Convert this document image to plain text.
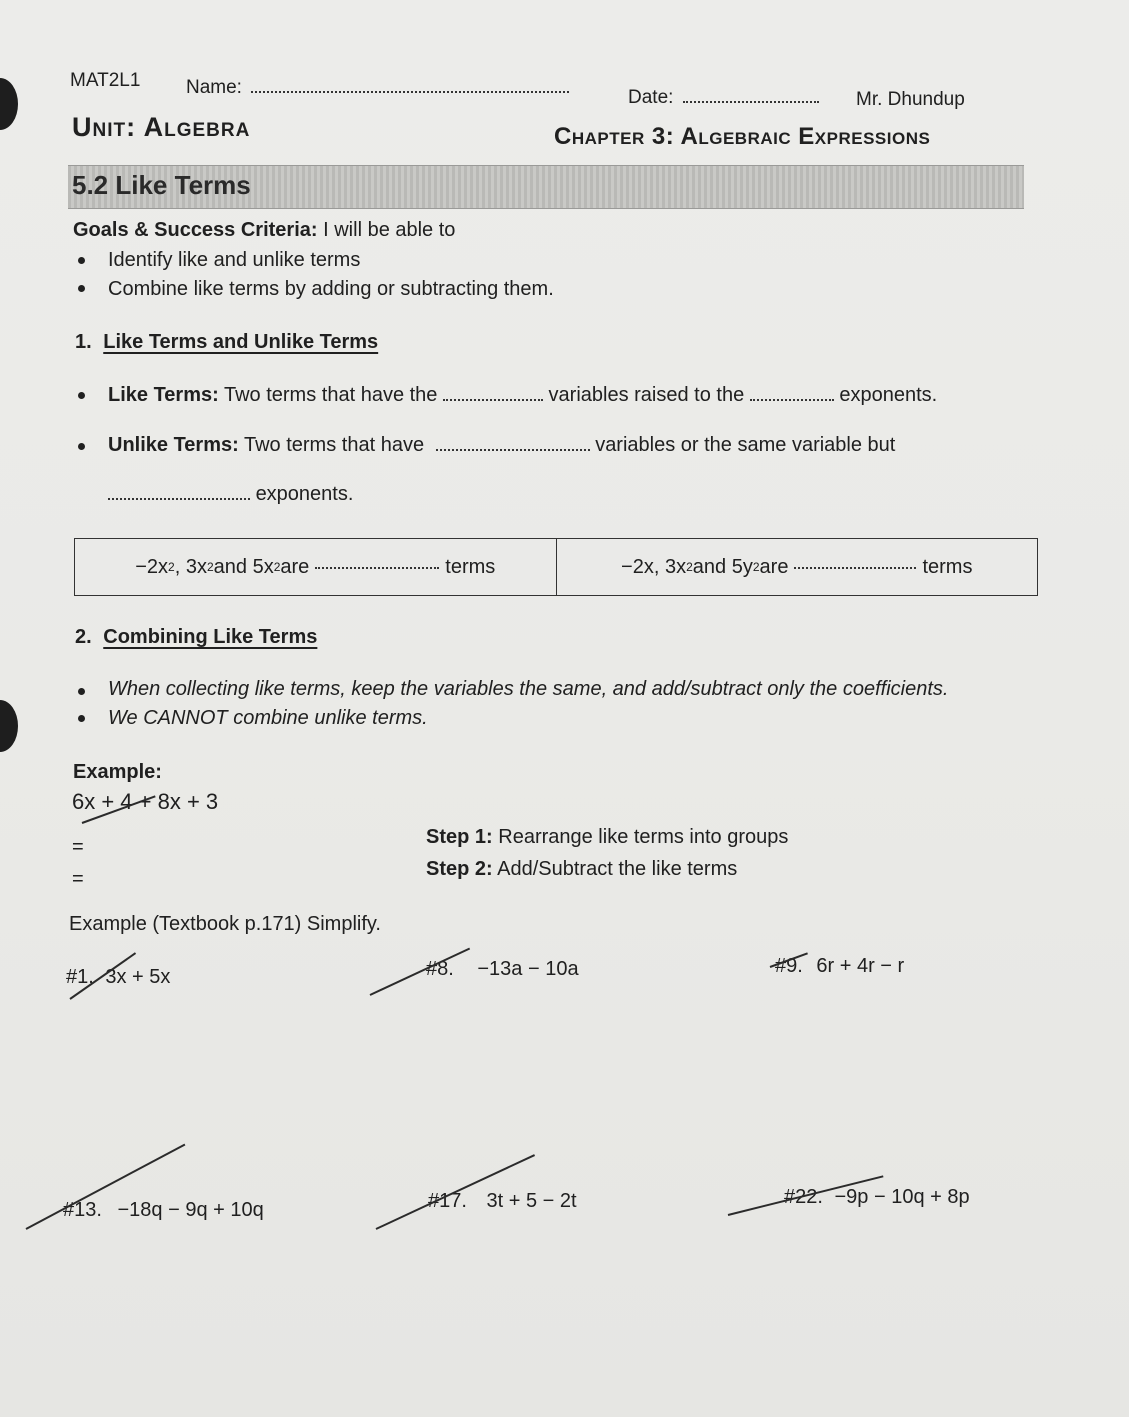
MAT2L1 Name:	Date:	Mr. Dhundup
Unit: Algebra	Chapter 3: Algebraic Expressions
5.2 Like Terms
Goals & Success Criteria: I will be able to
Identify like and unlike terms
Combine like terms by adding or subtracting them.
1. Like Terms and Unlike Terms
Like Terms: Two terms that have the	variables raised to the	exponents.
Unlike Terms: Two terms that have	variables or the same variable but
exponents.
−2x 2 , 3x 2 and 5x 2 are	terms	−2x, 3x 2 and 5y 2 are	terms
2. Combining Like Terms
When collecting like terms, keep the variables the same, and add/subtract only the coefficients.
We CANNOT combine unlike terms.
Example:
6x + 4 + 8x + 3
=
=
Step 1: Rearrange like terms into groups
Step 2: Add/Subtract the like terms
Example (Textbook p.171) Simplify.
#1. 3x + 5x	#8. −13a − 10a	#9. 6r + 4r − r
#13. −18q − 9q + 10q	#17. 3t + 5 − 2t	#22. −9p − 10q + 8p
